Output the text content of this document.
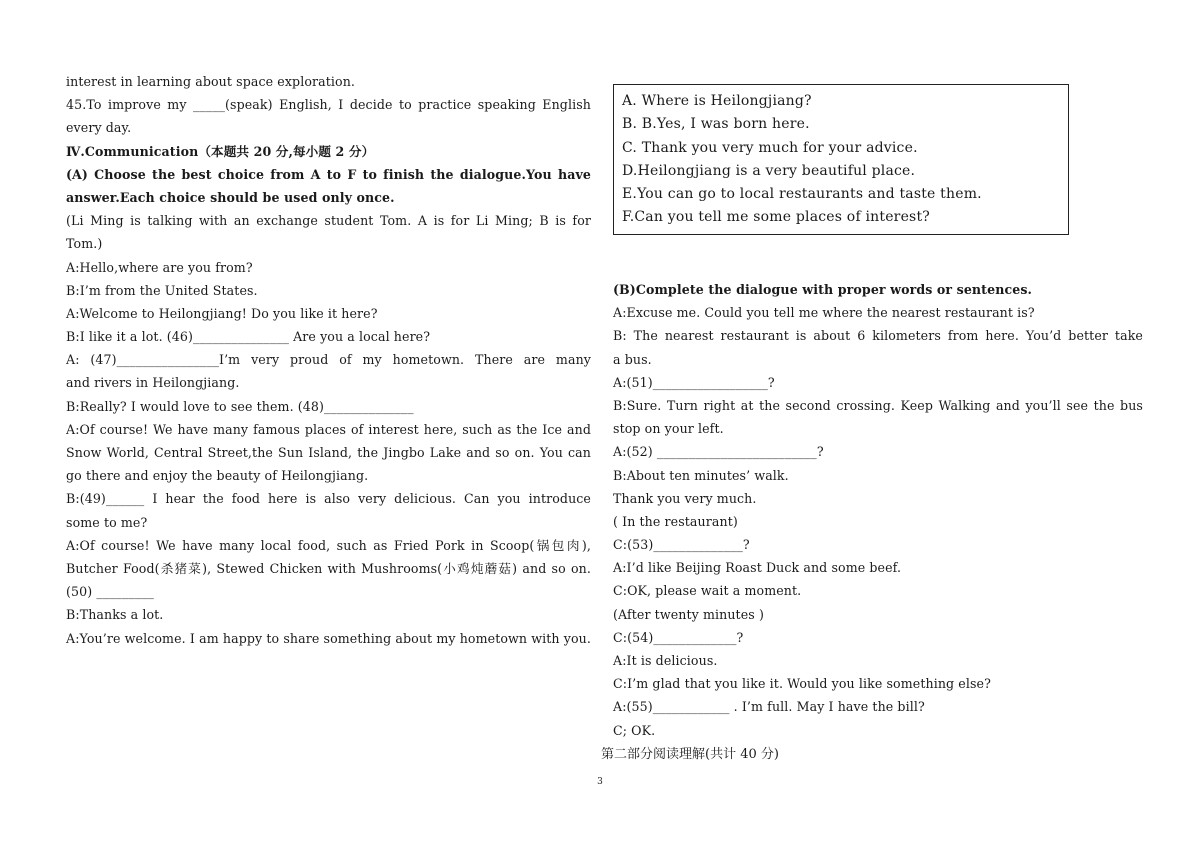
interest in learning about space exploration.
45.To improve my _____(speak) English, I decide to practice speaking English
every day.
Ⅳ.Communication（本题共 20 分,每小题 2 分）
(A) Choose the best choice from A to F to finish the dialogue.You have
answer.Each choice should be used only once.
(Li Ming is talking with an exchange student Tom. A is for Li Ming; B is for
Tom.)
A:Hello,where are you from?
B:I’m from the United States.
A:Welcome to Heilongjiang! Do you like it here?
B:I like it a lot. (46)_______________ Are you a local here?
A: (47)________________I’m very proud of my hometown. There are many
and rivers in Heilongjiang.
B:Really? I would love to see them. (48)______________
A:Of course! We have many famous places of interest here, such as the Ice and
Snow World, Central Street,the Sun Island, the Jingbo Lake and so on. You can
go there and enjoy the beauty of Heilongjiang.
B:(49)______ I hear the food here is also very delicious. Can you introduce
some to me?
A:Of course! We have many local food, such as Fried Pork in Scoop(锅包肉),
Butcher Food(杀猪菜), Stewed Chicken with Mushrooms(小鸡炖蘑菇) and so on.
(50) _________
B:Thanks a lot.
A:You’re welcome. I am happy to share something about my hometown with you.
A. Where is Heilongjiang?
B. B.Yes, I was born here.
C. Thank you very much for your advice.
D.Heilongjiang is a very beautiful place.
E.You can go to local restaurants and taste them.
F.Can you tell me some places of interest?
(B)Complete the dialogue with proper words or sentences.
A:Excuse me. Could you tell me where the nearest restaurant is?
B: The nearest restaurant is about 6 kilometers from here. You’d better take
a bus.
A:(51)__________________?
B:Sure. Turn right at the second crossing. Keep Walking and you’ll see the bus
stop on your left.
A:(52) _________________________?
B:About ten minutes’ walk.
Thank you very much.
( In the restaurant)
C:(53)______________?
A:I’d like Beijing Roast Duck and some beef.
C:OK, please wait a moment.
(After twenty minutes )
C:(54)_____________?
A:It is delicious.
C:I’m glad that you like it. Would you like something else?
A:(55)____________ . I’m full. May I have the bill?
C; OK.
第二部分阅读理解(共计 40 分)
3
